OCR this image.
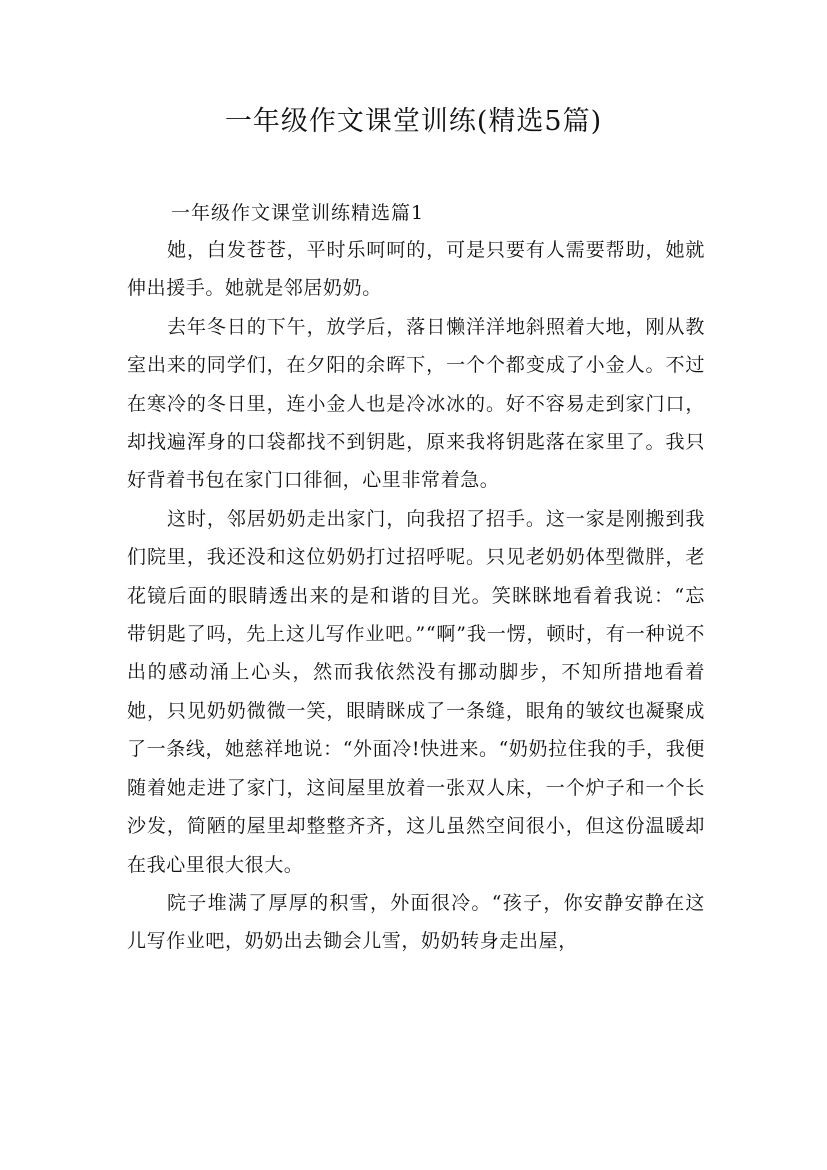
一年级作文课堂训练(精选5篇)
一年级作文课堂训练精选篇1

她，白发苍苍，平时乐呵呵的，可是只要有人需要帮助，她就伸出援手。她就是邻居奶奶。

去年冬日的下午，放学后，落日懒洋洋地斜照着大地，刚从教室出来的同学们，在夕阳的余晖下，一个个都变成了小金人。不过在寒冷的冬日里，连小金人也是冷冰冰的。好不容易走到家门口，却找遍浑身的口袋都找不到钥匙，原来我将钥匙落在家里了。我只好背着书包在家门口徘徊，心里非常着急。

这时，邻居奶奶走出家门，向我招了招手。这一家是刚搬到我们院里，我还没和这位奶奶打过招呼呢。只见老奶奶体型微胖，老花镜后面的眼睛透出来的是和谐的目光。笑眯眯地看着我说：“忘带钥匙了吗，先上这儿写作业吧。”“啊”我一愣，顿时，有一种说不出的感动涌上心头，然而我依然没有挪动脚步，不知所措地看着她，只见奶奶微微一笑，眼睛眯成了一条缝，眼角的皱纹也凝聚成了一条线，她慈祥地说：“外面冷!快进来。“奶奶拉住我的手，我便随着她走进了家门，这间屋里放着一张双人床，一个炉子和一个长沙发，简陋的屋里却整整齐齐，这儿虽然空间很小，但这份温暖却在我心里很大很大。

院子堆满了厚厚的积雪，外面很冷。“孩子，你安静安静在这儿写作业吧，奶奶出去锄会儿雪，奶奶转身走出屋，
